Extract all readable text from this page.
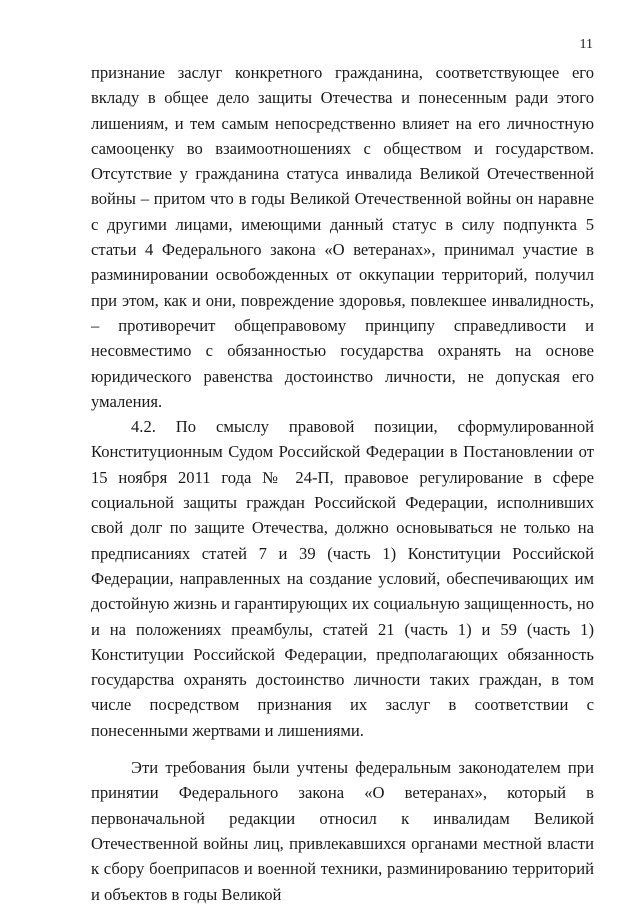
11

признание заслуг конкретного гражданина, соответствующее его вкладу в общее дело защиты Отечества и понесенным ради этого лишениям, и тем самым непосредственно влияет на его личностную самооценку во взаимоотношениях с обществом и государством. Отсутствие у гражданина статуса инвалида Великой Отечественной войны – притом что в годы Великой Отечественной войны он наравне с другими лицами, имеющими данный статус в силу подпункта 5 статьи 4 Федерального закона «О ветеранах», принимал участие в разминировании освобожденных от оккупации территорий, получил при этом, как и они, повреждение здоровья, повлекшее инвалидность, – противоречит общеправовому принципу справедливости и несовместимо с обязанностью государства охранять на основе юридического равенства достоинство личности, не допуская его умаления.

4.2. По смыслу правовой позиции, сформулированной Конституционным Судом Российской Федерации в Постановлении от 15 ноября 2011 года № 24-П, правовое регулирование в сфере социальной защиты граждан Российской Федерации, исполнивших свой долг по защите Отечества, должно основываться не только на предписаниях статей 7 и 39 (часть 1) Конституции Российской Федерации, направленных на создание условий, обеспечивающих им достойную жизнь и гарантирующих их социальную защищенность, но и на положениях преамбулы, статей 21 (часть 1) и 59 (часть 1) Конституции Российской Федерации, предполагающих обязанность государства охранять достоинство личности таких граждан, в том числе посредством признания их заслуг в соответствии с понесенными жертвами и лишениями.

Эти требования были учтены федеральным законодателем при принятии Федерального закона «О ветеранах», который в первоначальной редакции относил к инвалидам Великой Отечественной войны лиц, привлекавшихся органами местной власти к сбору боеприпасов и военной техники, разминированию территорий и объектов в годы Великой
